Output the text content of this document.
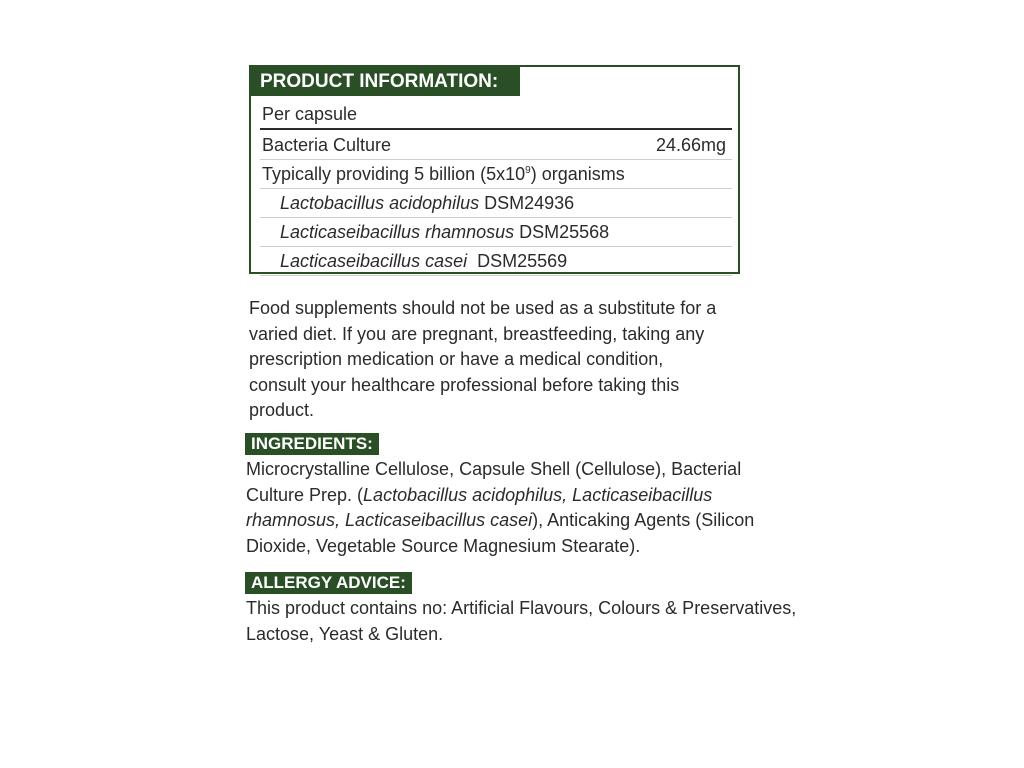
PRODUCT INFORMATION:
Per capsule
Bacteria Culture	24.66mg
Typically providing 5 billion $(5x10^9)$ organisms
Lactobacillus acidophilus DSM24936
Lacticaseibacillus rhamnosus DSM25568
Lacticaseibacillus casei  DSM25569

Food supplements should not be used as a substitute for a varied diet. If you are pregnant, breastfeeding, taking any prescription medication or have a medical condition, consult your healthcare professional before taking this product.

INGREDIENTS:

Microcrystalline Cellulose, Capsule Shell (Cellulose), Bacterial Culture Prep. (Lactobacillus acidophilus, Lacticaseibacillus rhamnosus, Lacticaseibacillus casei), Anticaking Agents (Silicon Dioxide, Vegetable Source Magnesium Stearate).

ALLERGY ADVICE:

This product contains no: Artificial Flavours, Colours & Preservatives, Lactose, Yeast & Gluten.
